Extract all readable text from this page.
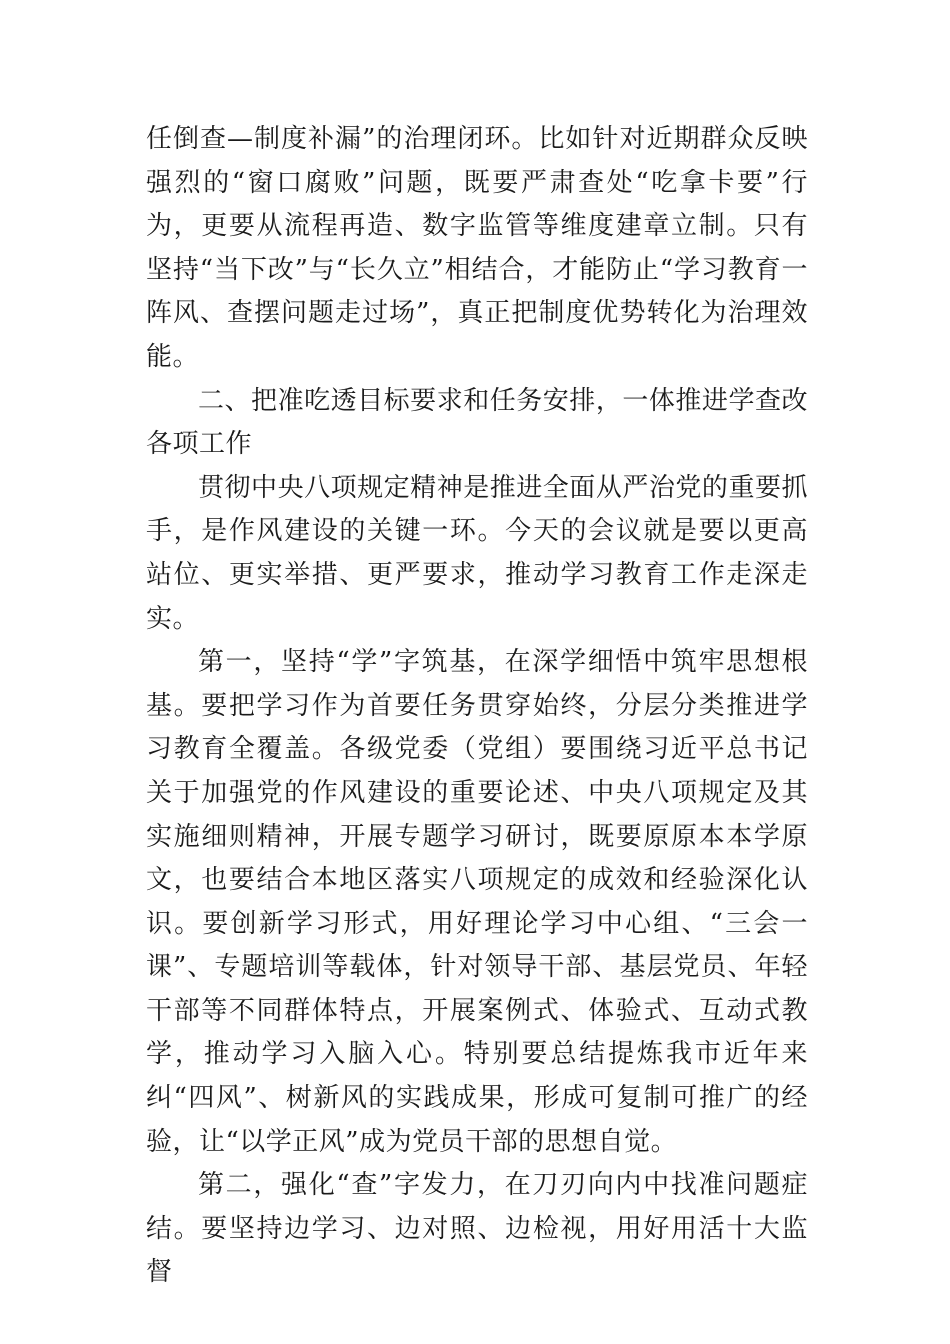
任倒查—制度补漏”的治理闭环。比如针对近期群众反映强烈的“窗口腐败”问题，既要严肃查处“吃拿卡要”行为，更要从流程再造、数字监管等维度建章立制。只有坚持“当下改”与“长久立”相结合，才能防止“学习教育一阵风、查摆问题走过场”，真正把制度优势转化为治理效能。

二、把准吃透目标要求和任务安排，一体推进学查改各项工作

贯彻中央八项规定精神是推进全面从严治党的重要抓手，是作风建设的关键一环。今天的会议就是要以更高站位、更实举措、更严要求，推动学习教育工作走深走实。

第一，坚持“学”字筑基，在深学细悟中筑牢思想根基。要把学习作为首要任务贯穿始终，分层分类推进学习教育全覆盖。各级党委（党组）要围绕习近平总书记关于加强党的作风建设的重要论述、中央八项规定及其实施细则精神，开展专题学习研讨，既要原原本本学原文，也要结合本地区落实八项规定的成效和经验深化认识。要创新学习形式，用好理论学习中心组、“三会一课”、专题培训等载体，针对领导干部、基层党员、年轻干部等不同群体特点，开展案例式、体验式、互动式教学，推动学习入脑入心。特别要总结提炼我市近年来纠“四风”、树新风的实践成果，形成可复制可推广的经验，让“以学正风”成为党员干部的思想自觉。

第二，强化“查”字发力，在刀刃向内中找准问题症结。要坚持边学习、边对照、边检视，用好用活十大监督
